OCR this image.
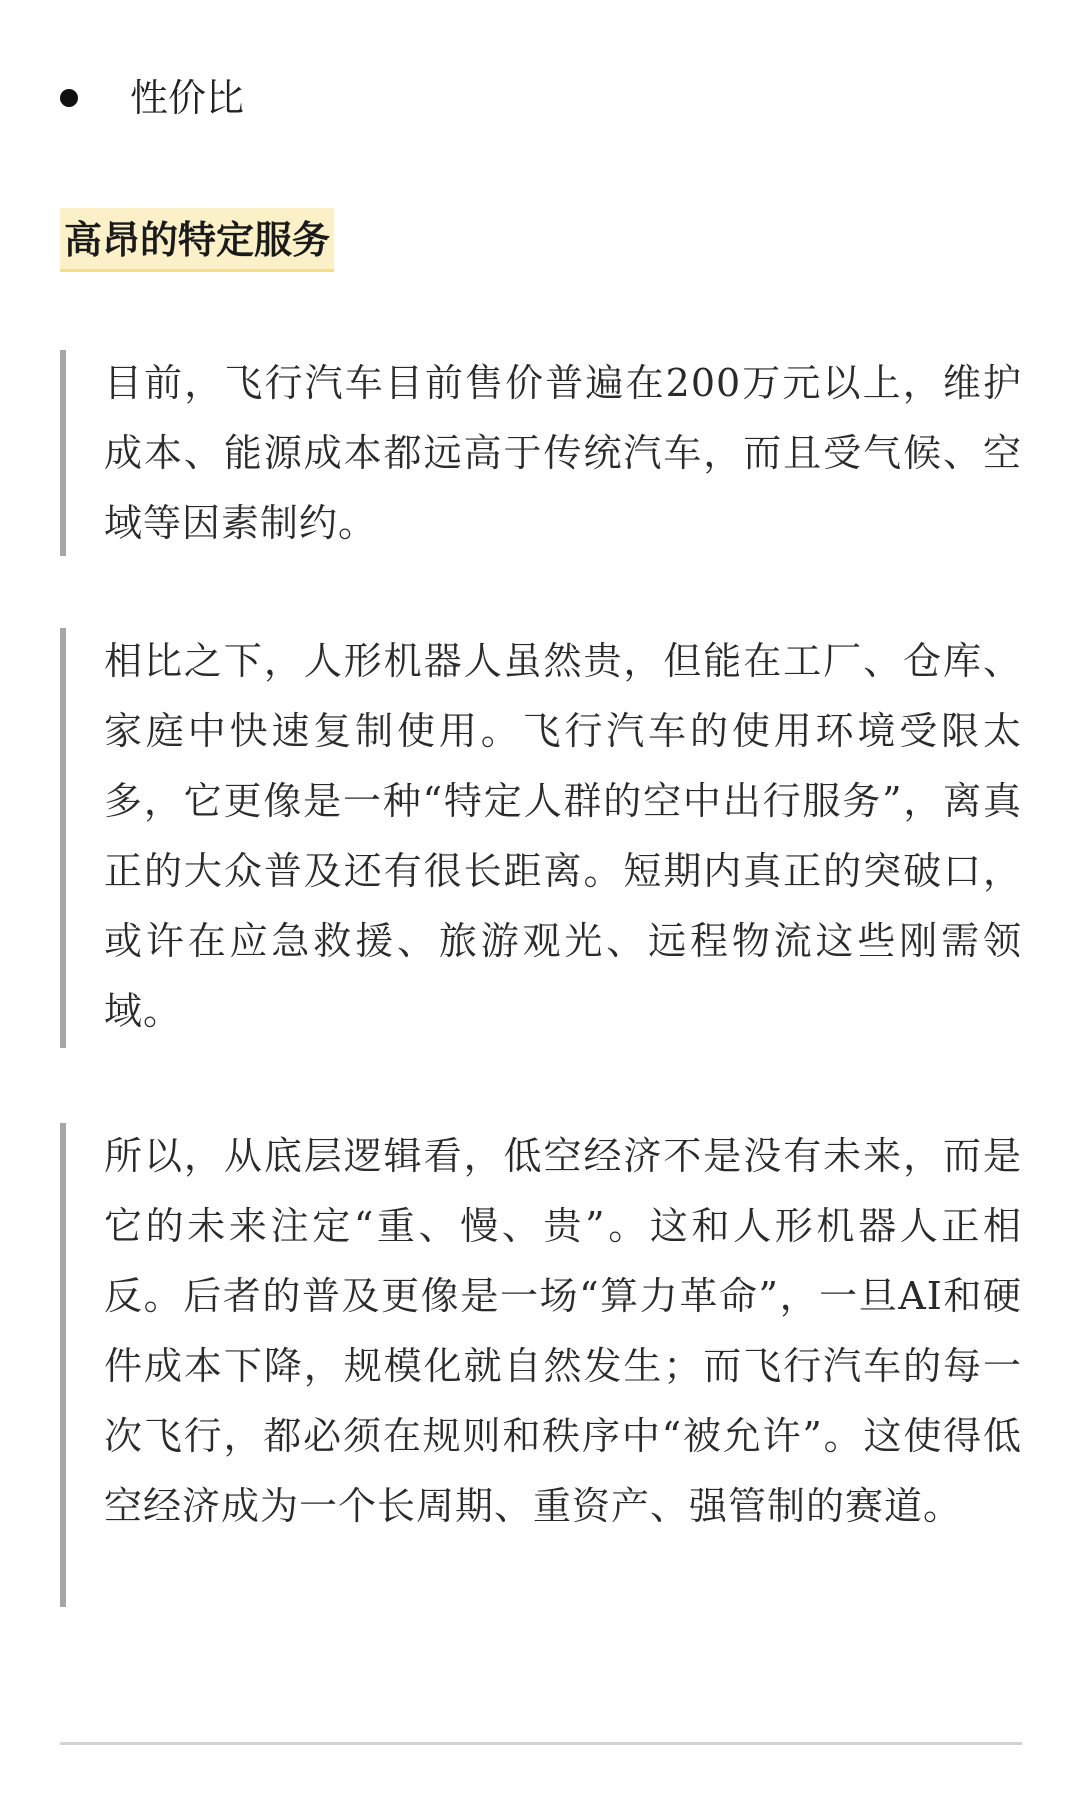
性价比
高昂的特定服务

目前，飞行汽车目前售价普遍在200万元以上，维护成本、能源成本都远高于传统汽车，而且受气候、空域等因素制约。

相比之下，人形机器人虽然贵，但能在工厂、仓库、家庭中快速复制使用。飞行汽车的使用环境受限太多，它更像是一种“特定人群的空中出行服务”，离真正的大众普及还有很长距离。短期内真正的突破口，或许在应急救援、旅游观光、远程物流这些刚需领域。

所以，从底层逻辑看，低空经济不是没有未来，而是它的未来注定“重、慢、贵”。这和人形机器人正相反。后者的普及更像是一场“算力革命”，一旦AI和硬件成本下降，规模化就自然发生；而飞行汽车的每一次飞行，都必须在规则和秩序中“被允许”。这使得低空经济成为一个长周期、重资产、强管制的赛道。
